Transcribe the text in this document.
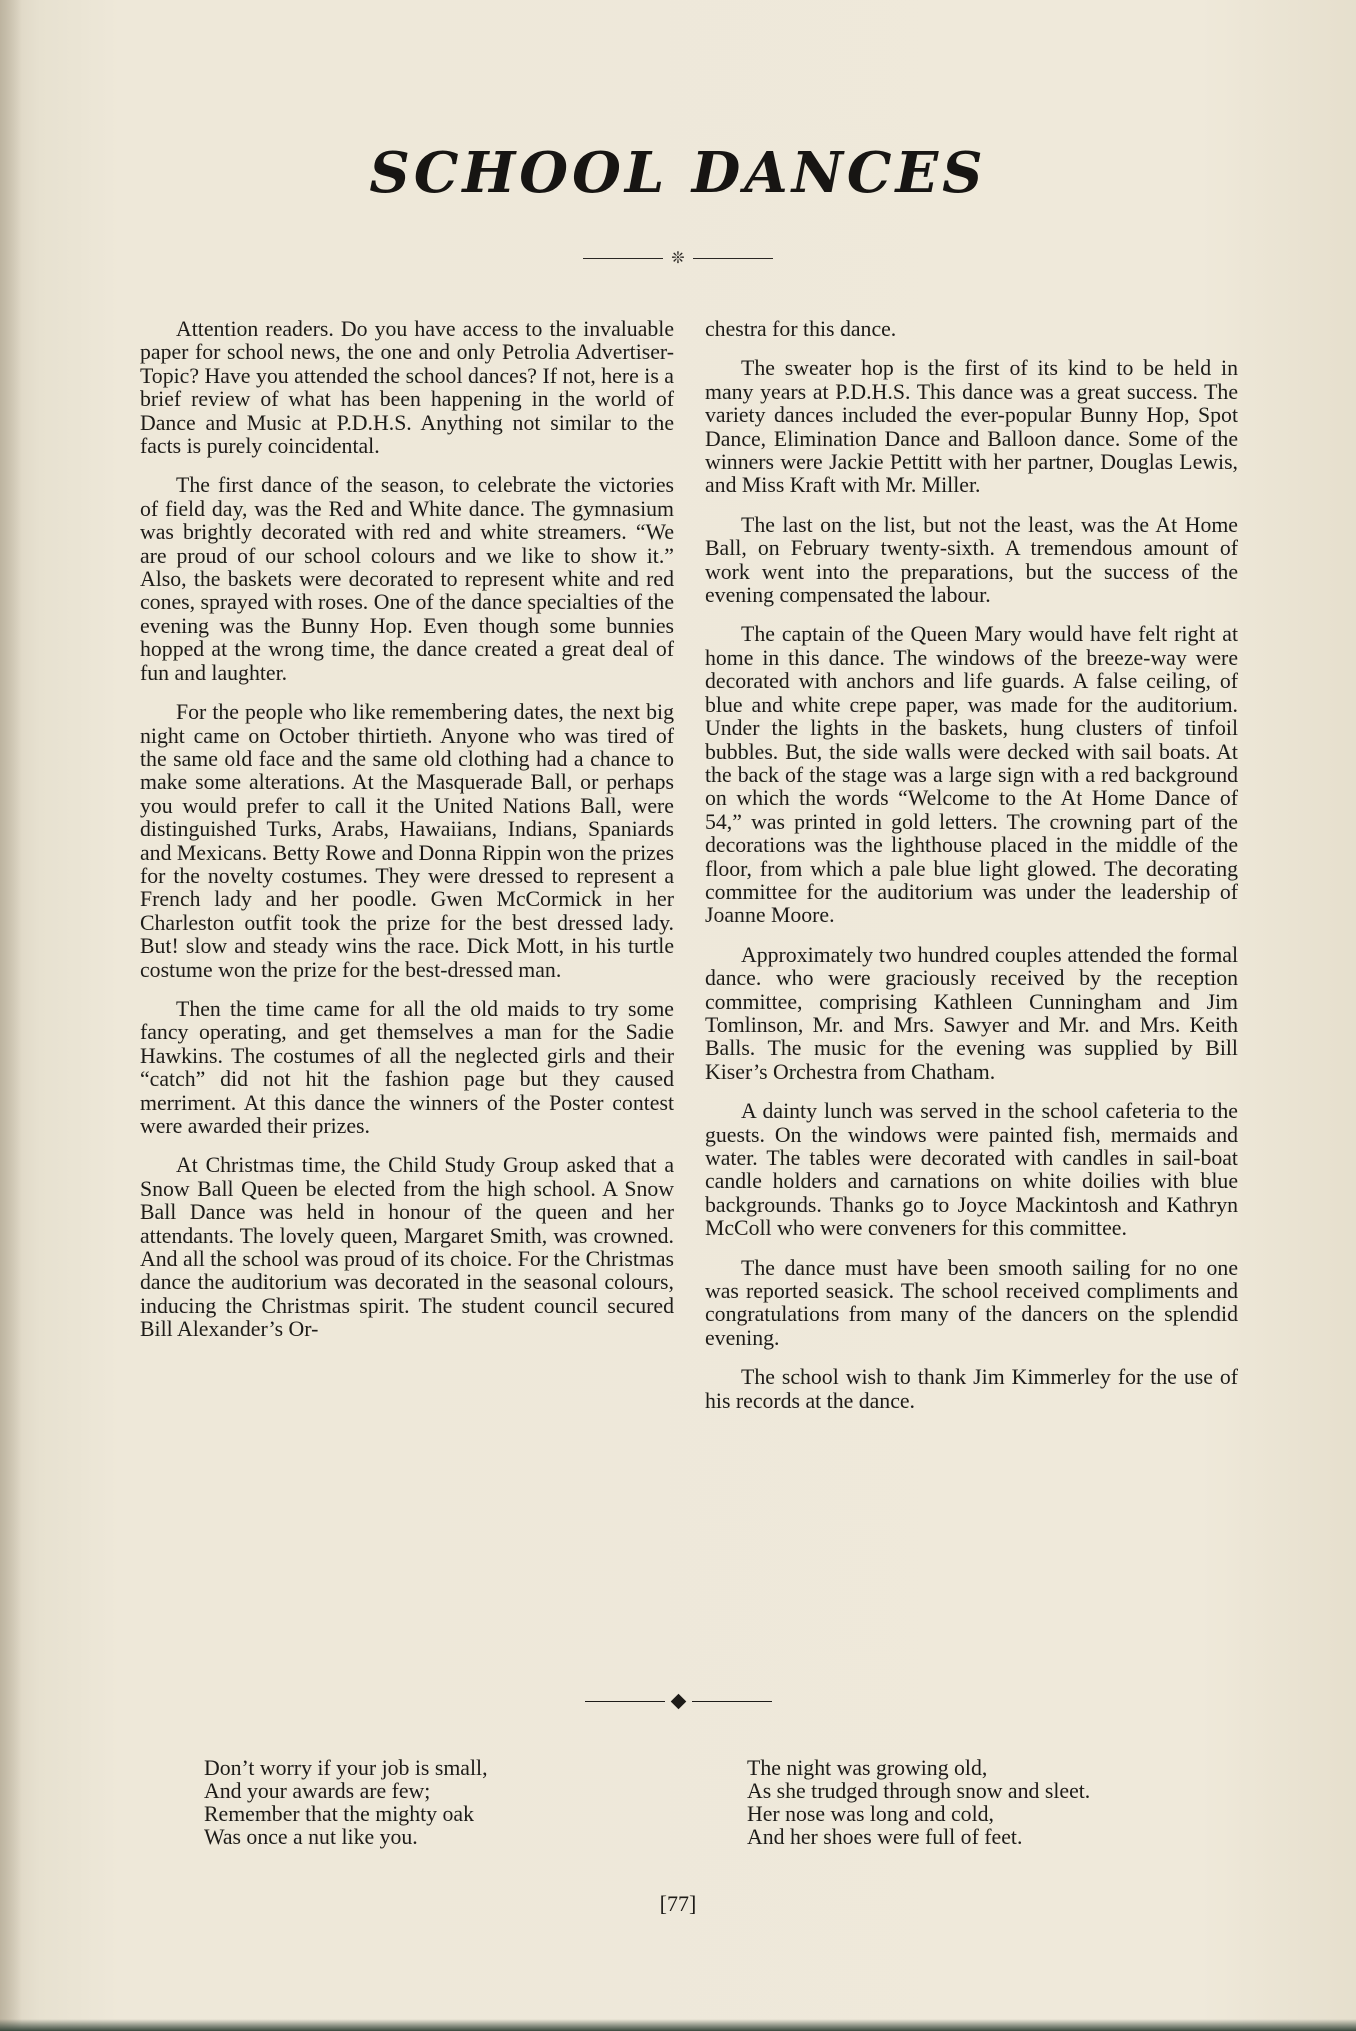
SCHOOL DANCES
❊

Attention readers. Do you have access to the invaluable paper for school news, the one and only Petrolia Advertiser-Topic? Have you attended the school dances? If not, here is a brief review of what has been happening in the world of Dance and Music at P.D.H.S. Anything not similar to the facts is purely coincidental.

The first dance of the season, to celebrate the victories of field day, was the Red and White dance. The gymnasium was brightly decorated with red and white streamers. “We are proud of our school colours and we like to show it.” Also, the baskets were decorated to represent white and red cones, sprayed with roses. One of the dance specialties of the evening was the Bunny Hop. Even though some bunnies hopped at the wrong time, the dance created a great deal of fun and laughter.

For the people who like remembering dates, the next big night came on October thirtieth. Anyone who was tired of the same old face and the same old clothing had a chance to make some alterations. At the Masquerade Ball, or perhaps you would prefer to call it the United Nations Ball, were distinguished Turks, Arabs, Hawaiians, Indians, Spaniards and Mexicans. Betty Rowe and Donna Rippin won the prizes for the novelty costumes. They were dressed to represent a French lady and her poodle. Gwen McCormick in her Charleston outfit took the prize for the best dressed lady. But! slow and steady wins the race. Dick Mott, in his turtle costume won the prize for the best-dressed man.

Then the time came for all the old maids to try some fancy operating, and get themselves a man for the Sadie Hawkins. The costumes of all the neglected girls and their “catch” did not hit the fashion page but they caused merriment. At this dance the winners of the Poster contest were awarded their prizes.

At Christmas time, the Child Study Group asked that a Snow Ball Queen be elected from the high school. A Snow Ball Dance was held in honour of the queen and her attendants. The lovely queen, Margaret Smith, was crowned. And all the school was proud of its choice. For the Christmas dance the auditorium was decorated in the seasonal colours, inducing the Christmas spirit. The student council secured Bill Alexander’s Or-

chestra for this dance.

The sweater hop is the first of its kind to be held in many years at P.D.H.S. This dance was a great success. The variety dances included the ever-popular Bunny Hop, Spot Dance, Elimination Dance and Balloon dance. Some of the winners were Jackie Pettitt with her partner, Douglas Lewis, and Miss Kraft with Mr. Miller.

The last on the list, but not the least, was the At Home Ball, on February twenty-sixth. A tremendous amount of work went into the preparations, but the success of the evening compensated the labour.

The captain of the Queen Mary would have felt right at home in this dance. The windows of the breeze-way were decorated with anchors and life guards. A false ceiling, of blue and white crepe paper, was made for the auditorium. Under the lights in the baskets, hung clusters of tinfoil bubbles. But, the side walls were decked with sail boats. At the back of the stage was a large sign with a red background on which the words “Welcome to the At Home Dance of 54,” was printed in gold letters. The crowning part of the decorations was the lighthouse placed in the middle of the floor, from which a pale blue light glowed. The decorating committee for the auditorium was under the leadership of Joanne Moore.

Approximately two hundred couples attended the formal dance. who were graciously received by the reception committee, comprising Kathleen Cunningham and Jim Tomlinson, Mr. and Mrs. Sawyer and Mr. and Mrs. Keith Balls. The music for the evening was supplied by Bill Kiser’s Orchestra from Chatham.

A dainty lunch was served in the school cafeteria to the guests. On the windows were painted fish, mermaids and water. The tables were decorated with candles in sail-boat candle holders and carnations on white doilies with blue backgrounds. Thanks go to Joyce Mackintosh and Kathryn McColl who were conveners for this committee.

The dance must have been smooth sailing for no one was reported seasick. The school received compliments and congratulations from many of the dancers on the splendid evening.

The school wish to thank Jim Kimmerley for the use of his records at the dance.

Don’t worry if your job is small,
And your awards are few;
Remember that the mighty oak
Was once a nut like you.
The night was growing old,
As she trudged through snow and sleet.
Her nose was long and cold,
And her shoes were full of feet.
[77]
